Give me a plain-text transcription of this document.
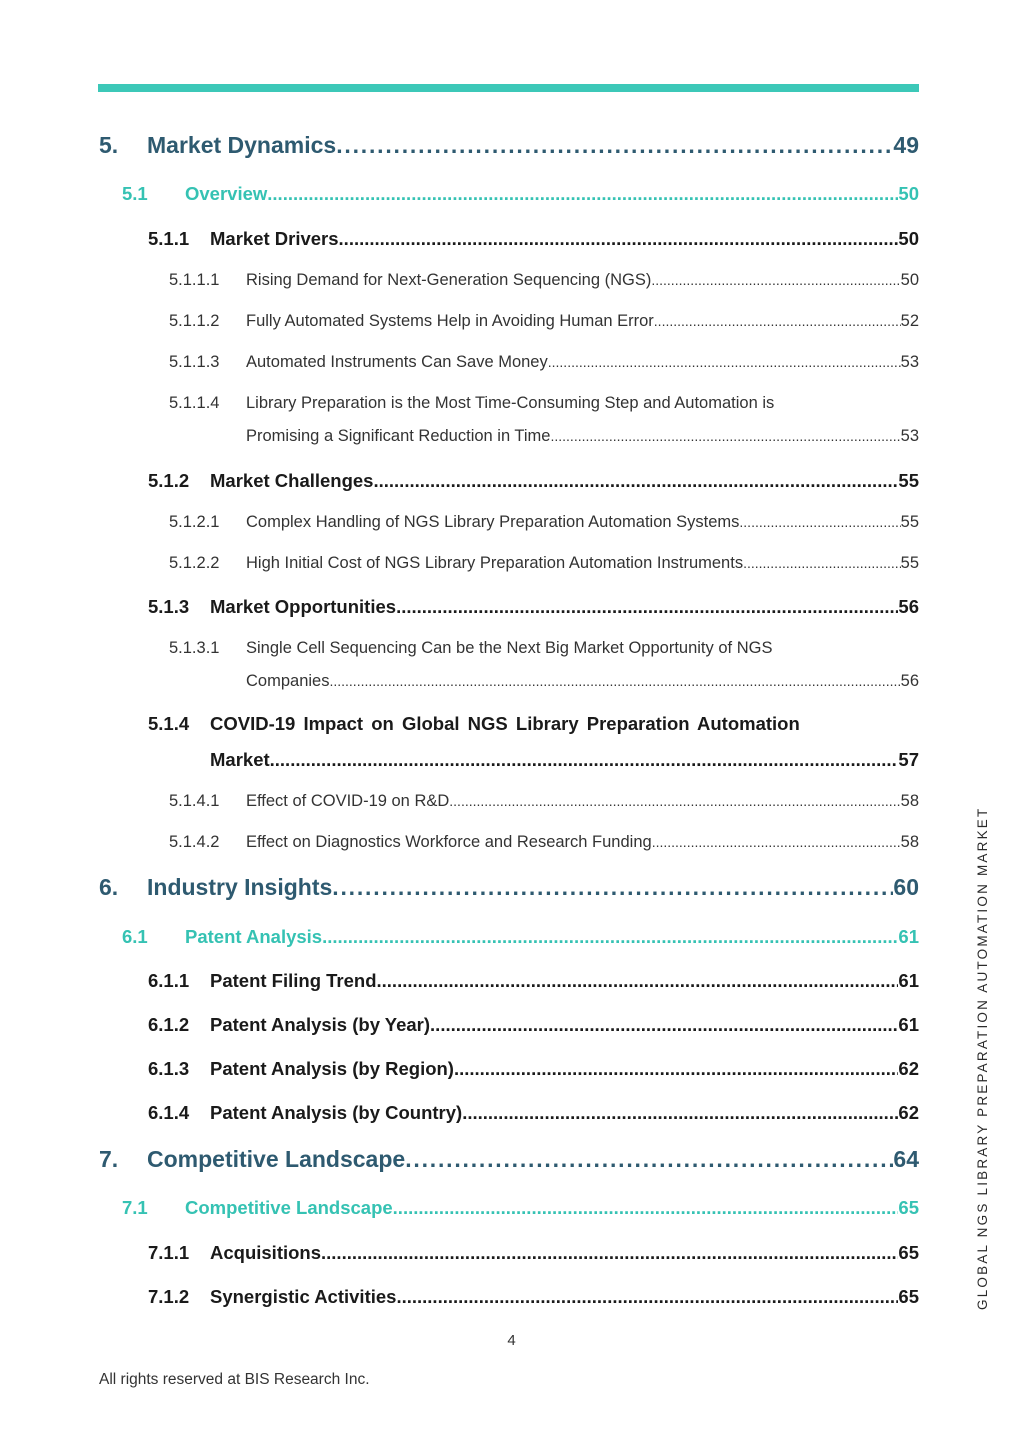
5.	Market Dynamics .....	49
5.1	Overview .....	50
5.1.1	Market Drivers .....	50
5.1.1.1	Rising Demand for Next-Generation Sequencing (NGS) .....	50
5.1.1.2	Fully Automated Systems Help in Avoiding Human Error .....	52
5.1.1.3	Automated Instruments Can Save Money .....	53
5.1.1.4	Library Preparation is the Most Time-Consuming Step and Automation is
Promising a Significant Reduction in Time .....	53
5.1.2	Market Challenges .....	55
5.1.2.1	Complex Handling of NGS Library Preparation Automation Systems .....	55
5.1.2.2	High Initial Cost of NGS Library Preparation Automation Instruments .....	55
5.1.3	Market Opportunities .....	56
5.1.3.1	Single Cell Sequencing Can be the Next Big Market Opportunity of NGS
Companies .....	56
5.1.4	COVID-19 Impact on Global NGS Library Preparation Automation
Market .....	57
5.1.4.1	Effect of COVID-19 on R&D .....	58
5.1.4.2	Effect on Diagnostics Workforce and Research Funding .....	58
6.	Industry Insights .....	60
6.1	Patent Analysis .....	61
6.1.1	Patent Filing Trend .....	61
6.1.2	Patent Analysis (by Year) .....	61
6.1.3	Patent Analysis (by Region) .....	62
6.1.4	Patent Analysis (by Country) .....	62
7.	Competitive Landscape .....	64
7.1	Competitive Landscape .....	65
7.1.1	Acquisitions .....	65
7.1.2	Synergistic Activities .....	65
4
All rights reserved at BIS Research Inc.
GLOBAL NGS LIBRARY PREPARATION AUTOMATION MARKET
